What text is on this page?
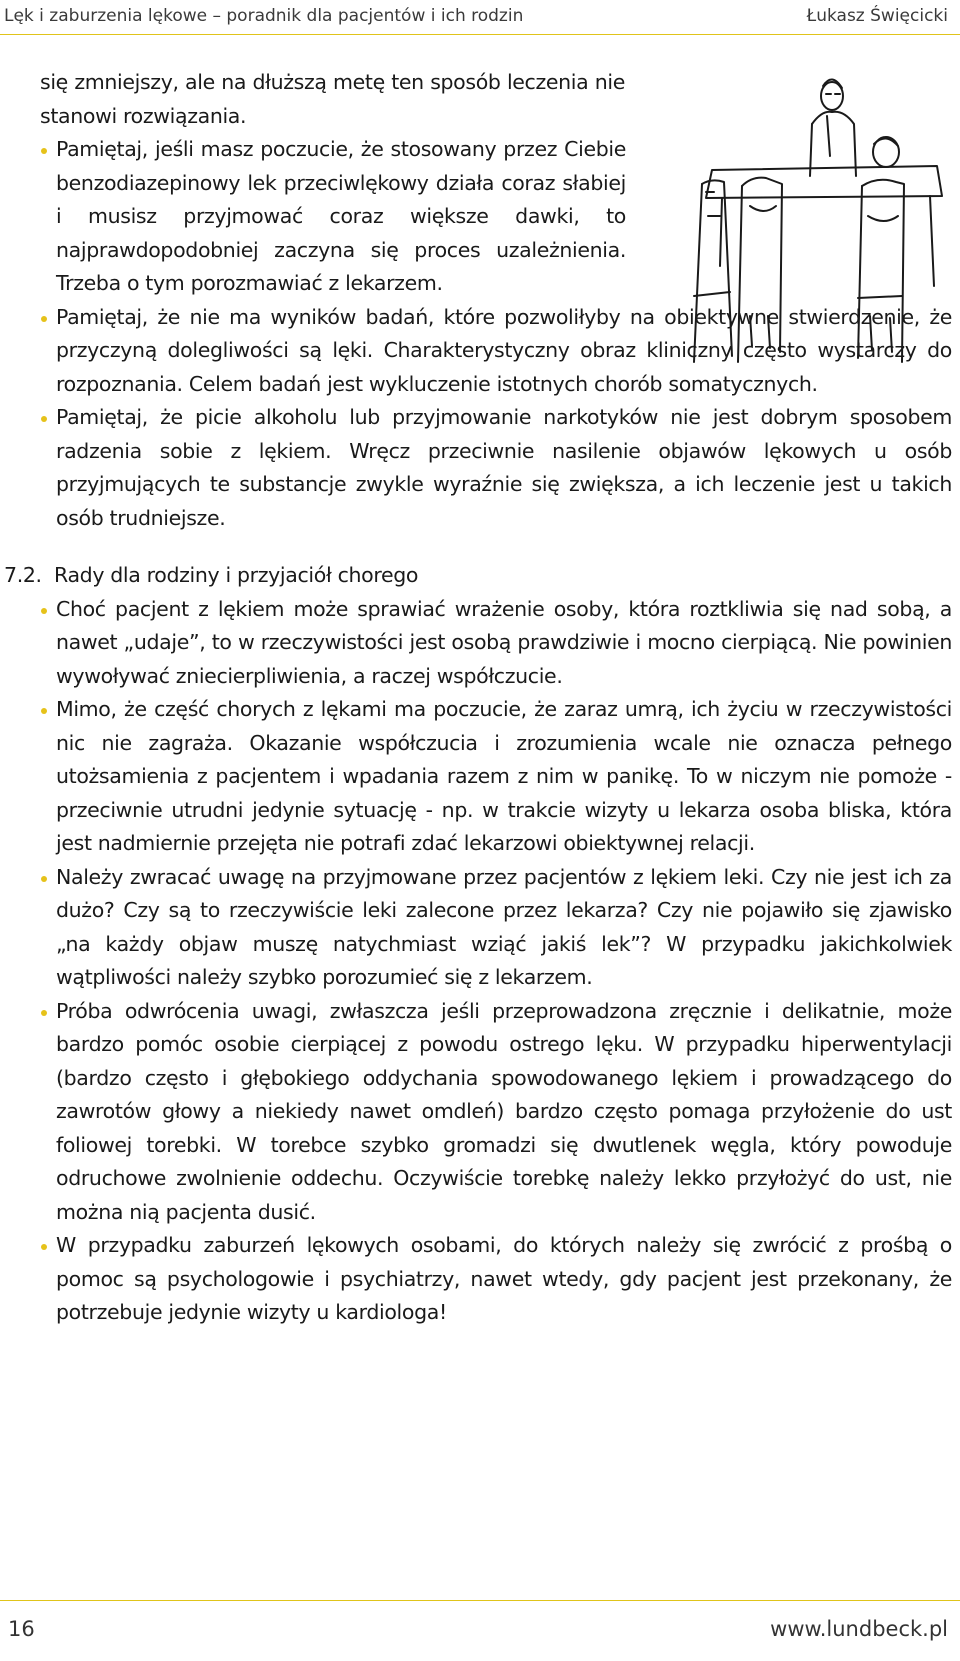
Lęk i zaburzenia lękowe – poradnik dla pacjentów i ich rodzin	Łukasz Święcicki

się zmniejszy, ale na dłuższą metę ten sposób leczenia nie stanowi rozwiązania.

Pamiętaj, jeśli masz poczucie, że stosowany przez Ciebie benzodiazepinowy lek przeciwlękowy działa coraz słabiej i musisz przyjmować coraz większe dawki, to najprawdopodobniej zaczyna się proces uzależnienia. Trzeba o tym porozmawiać z lekarzem.

Pamiętaj, że nie ma wyników badań, które pozwoliłyby na obiektywne stwierdzenie, że przyczyną dolegliwości są lęki. Charakterystyczny obraz kliniczny często wystarczy do rozpoznania. Celem badań jest wykluczenie istotnych chorób somatycznych.

Pamiętaj, że picie alkoholu lub przyjmowanie narkotyków nie jest dobrym sposobem radzenia sobie z lękiem. Wręcz przeciwnie nasilenie objawów lękowych u osób przyjmujących te substancje zwykle wyraźnie się zwiększa, a ich leczenie jest u takich osób trudniejsze.

7.2. Rady dla rodziny i przyjaciół chorego

Choć pacjent z lękiem może sprawiać wrażenie osoby, która roztkliwia się nad sobą, a nawet „udaje”, to w rzeczywistości jest osobą prawdziwie i mocno cierpiącą. Nie powinien wywoływać zniecierpliwienia, a raczej współczucie.

Mimo, że część chorych z lękami ma poczucie, że zaraz umrą, ich życiu w rzeczywistości nic nie zagraża. Okazanie współczucia i zrozumienia wcale nie oznacza pełnego utożsamienia z pacjentem i wpadania razem z nim w panikę. To w niczym nie pomoże - przeciwnie utrudni jedynie sytuację - np. w trakcie wizyty u lekarza osoba bliska, która jest nadmiernie przejęta nie potrafi zdać lekarzowi obiektywnej relacji.

Należy zwracać uwagę na przyjmowane przez pacjentów z lękiem leki. Czy nie jest ich za dużo? Czy są to rzeczywiście leki zalecone przez lekarza? Czy nie pojawiło się zjawisko „na każdy objaw muszę natychmiast wziąć jakiś lek”? W przypadku jakichkolwiek wątpliwości należy szybko porozumieć się z lekarzem.

Próba odwrócenia uwagi, zwłaszcza jeśli przeprowadzona zręcznie i delikatnie, może bardzo pomóc osobie cierpiącej z powodu ostrego lęku. W przypadku hiperwentylacji (bardzo często i głębokiego oddychania spowodowanego lękiem i prowadzącego do zawrotów głowy a niekiedy nawet omdleń) bardzo często pomaga przyłożenie do ust foliowej torebki. W torebce szybko gromadzi się dwutlenek węgla, który powoduje odruchowe zwolnienie oddechu. Oczywiście torebkę należy lekko przyłożyć do ust, nie można nią pacjenta dusić.

W przypadku zaburzeń lękowych osobami, do których należy się zwrócić z prośbą o pomoc są psychologowie i psychiatrzy, nawet wtedy, gdy pacjent jest przekonany, że potrzebuje jedynie wizyty u kardiologa!

16	www.lundbeck.pl
